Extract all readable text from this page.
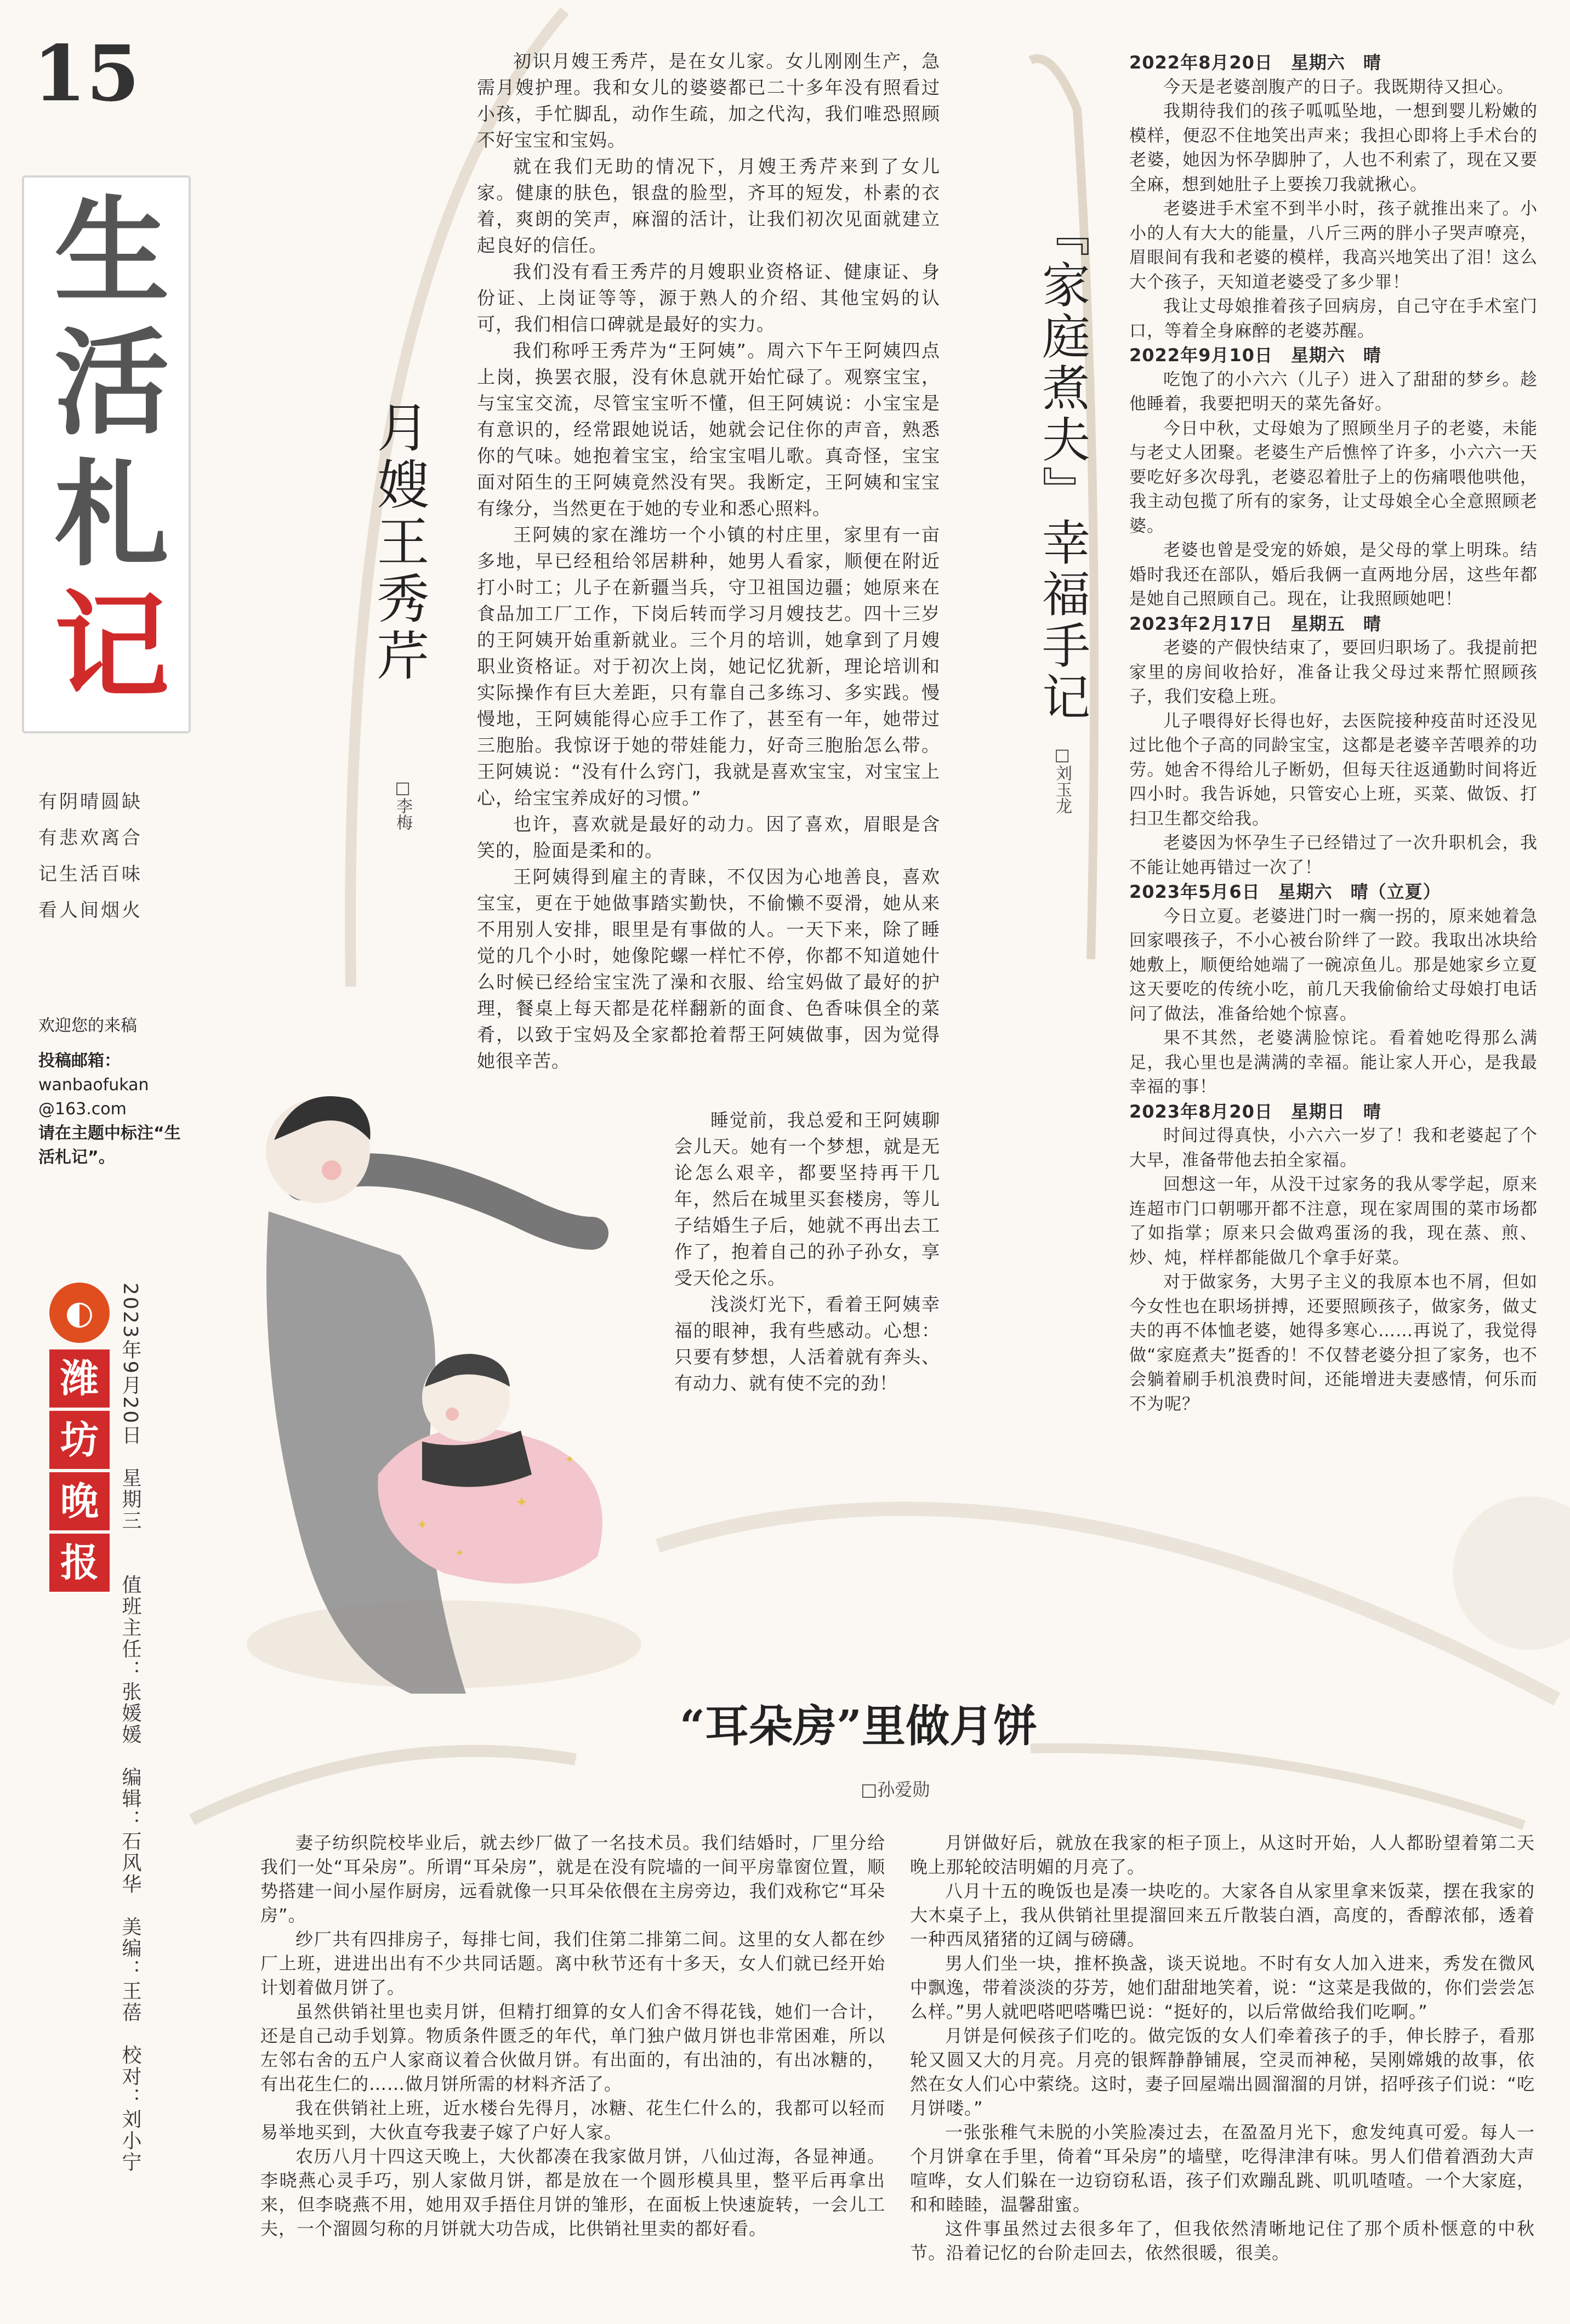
15
生
活
札
记
有阴晴圆缺
有悲欢离合
记生活百味
看人间烟火
欢迎您的来稿
投稿邮箱：
wanbaofukan
@163.com
请在主题中标注“生活札记”。
◐
潍
坊
晚
报	2023年9月20日　星期三　　值班主任：张媛媛　编辑：石风华　美编：王蓓　校对：刘小宁
月嫂王秀芹
□李梅

初识月嫂王秀芹，是在女儿家。女儿刚刚生产，急需月嫂护理。我和女儿的婆婆都已二十多年没有照看过小孩，手忙脚乱，动作生疏，加之代沟，我们唯恐照顾不好宝宝和宝妈。

就在我们无助的情况下，月嫂王秀芹来到了女儿家。健康的肤色，银盘的脸型，齐耳的短发，朴素的衣着，爽朗的笑声，麻溜的活计，让我们初次见面就建立起良好的信任。

我们没有看王秀芹的月嫂职业资格证、健康证、身份证、上岗证等等，源于熟人的介绍、其他宝妈的认可，我们相信口碑就是最好的实力。

我们称呼王秀芹为“王阿姨”。周六下午王阿姨四点上岗，换罢衣服，没有休息就开始忙碌了。观察宝宝，与宝宝交流，尽管宝宝听不懂，但王阿姨说：小宝宝是有意识的，经常跟她说话，她就会记住你的声音，熟悉你的气味。她抱着宝宝，给宝宝唱儿歌。真奇怪，宝宝面对陌生的王阿姨竟然没有哭。我断定，王阿姨和宝宝有缘分，当然更在于她的专业和悉心照料。

王阿姨的家在潍坊一个小镇的村庄里，家里有一亩多地，早已经租给邻居耕种，她男人看家，顺便在附近打小时工；儿子在新疆当兵，守卫祖国边疆；她原来在食品加工厂工作，下岗后转而学习月嫂技艺。四十三岁的王阿姨开始重新就业。三个月的培训，她拿到了月嫂职业资格证。对于初次上岗，她记忆犹新，理论培训和实际操作有巨大差距，只有靠自己多练习、多实践。慢慢地，王阿姨能得心应手工作了，甚至有一年，她带过三胞胎。我惊讶于她的带娃能力，好奇三胞胎怎么带。王阿姨说：“没有什么窍门，我就是喜欢宝宝，对宝宝上心，给宝宝养成好的习惯。”

也许，喜欢就是最好的动力。因了喜欢，眉眼是含笑的，脸面是柔和的。

王阿姨得到雇主的青睐，不仅因为心地善良，喜欢宝宝，更在于她做事踏实勤快，不偷懒不耍滑，她从来不用别人安排，眼里是有事做的人。一天下来，除了睡觉的几个小时，她像陀螺一样忙不停，你都不知道她什么时候已经给宝宝洗了澡和衣服、给宝妈做了最好的护理，餐桌上每天都是花样翻新的面食、色香味俱全的菜肴，以致于宝妈及全家都抢着帮王阿姨做事，因为觉得她很辛苦。

睡觉前，我总爱和王阿姨聊会儿天。她有一个梦想，就是无论怎么艰辛，都要坚持再干几年，然后在城里买套楼房，等儿子结婚生子后，她就不再出去工作了，抱着自己的孙子孙女，享受天伦之乐。

浅淡灯光下，看着王阿姨幸福的眼神，我有些感动。心想：只要有梦想，人活着就有奔头、有动力、就有使不完的劲！

✦
✦
✦
✦
『家庭煮夫』幸福手记
□刘玉龙

2022年8月20日　星期六　晴

今天是老婆剖腹产的日子。我既期待又担心。

我期待我们的孩子呱呱坠地，一想到婴儿粉嫩的模样，便忍不住地笑出声来；我担心即将上手术台的老婆，她因为怀孕脚肿了，人也不利索了，现在又要全麻，想到她肚子上要挨刀我就揪心。

老婆进手术室不到半小时，孩子就推出来了。小小的人有大大的能量，八斤三两的胖小子哭声嘹亮，眉眼间有我和老婆的模样，我高兴地笑出了泪！这么大个孩子，天知道老婆受了多少罪！

我让丈母娘推着孩子回病房，自己守在手术室门口，等着全身麻醉的老婆苏醒。

2022年9月10日　星期六　晴

吃饱了的小六六（儿子）进入了甜甜的梦乡。趁他睡着，我要把明天的菜先备好。

今日中秋，丈母娘为了照顾坐月子的老婆，未能与老丈人团聚。老婆生产后憔悴了许多，小六六一天要吃好多次母乳，老婆忍着肚子上的伤痛喂他哄他，我主动包揽了所有的家务，让丈母娘全心全意照顾老婆。

老婆也曾是受宠的娇娘，是父母的掌上明珠。结婚时我还在部队，婚后我俩一直两地分居，这些年都是她自己照顾自己。现在，让我照顾她吧！

2023年2月17日　星期五　晴

老婆的产假快结束了，要回归职场了。我提前把家里的房间收拾好，准备让我父母过来帮忙照顾孩子，我们安稳上班。

儿子喂得好长得也好，去医院接种疫苗时还没见过比他个子高的同龄宝宝，这都是老婆辛苦喂养的功劳。她舍不得给儿子断奶，但每天往返通勤时间将近四小时。我告诉她，只管安心上班，买菜、做饭、打扫卫生都交给我。

老婆因为怀孕生子已经错过了一次升职机会，我不能让她再错过一次了！

2023年5月6日　星期六　晴（立夏）

今日立夏。老婆进门时一瘸一拐的，原来她着急回家喂孩子，不小心被台阶绊了一跤。我取出冰块给她敷上，顺便给她端了一碗凉鱼儿。那是她家乡立夏这天要吃的传统小吃，前几天我偷偷给丈母娘打电话问了做法，准备给她个惊喜。

果不其然，老婆满脸惊诧。看着她吃得那么满足，我心里也是满满的幸福。能让家人开心，是我最幸福的事！

2023年8月20日　星期日　晴

时间过得真快，小六六一岁了！我和老婆起了个大早，准备带他去拍全家福。

回想这一年，从没干过家务的我从零学起，原来连超市门口朝哪开都不注意，现在家周围的菜市场都了如指掌；原来只会做鸡蛋汤的我，现在蒸、煎、炒、炖，样样都能做几个拿手好菜。

对于做家务，大男子主义的我原本也不屑，但如今女性也在职场拼搏，还要照顾孩子，做家务，做丈夫的再不体恤老婆，她得多寒心……再说了，我觉得做“家庭煮夫”挺香的！不仅替老婆分担了家务，也不会躺着刷手机浪费时间，还能增进夫妻感情，何乐而不为呢？

“耳朵房”里做月饼
□孙爱勋

妻子纺织院校毕业后，就去纱厂做了一名技术员。我们结婚时，厂里分给我们一处“耳朵房”。所谓“耳朵房”，就是在没有院墙的一间平房靠窗位置，顺势搭建一间小屋作厨房，远看就像一只耳朵依偎在主房旁边，我们戏称它“耳朵房”。

纱厂共有四排房子，每排七间，我们住第二排第二间。这里的女人都在纱厂上班，进进出出有不少共同话题。离中秋节还有十多天，女人们就已经开始计划着做月饼了。

虽然供销社里也卖月饼，但精打细算的女人们舍不得花钱，她们一合计，还是自己动手划算。物质条件匮乏的年代，单门独户做月饼也非常困难，所以左邻右舍的五户人家商议着合伙做月饼。有出面的，有出油的，有出冰糖的，有出花生仁的……做月饼所需的材料齐活了。

我在供销社上班，近水楼台先得月，冰糖、花生仁什么的，我都可以轻而易举地买到，大伙直夸我妻子嫁了户好人家。

农历八月十四这天晚上，大伙都凑在我家做月饼，八仙过海，各显神通。李晓燕心灵手巧，别人家做月饼，都是放在一个圆形模具里，整平后再拿出来，但李晓燕不用，她用双手捂住月饼的雏形，在面板上快速旋转，一会儿工夫，一个溜圆匀称的月饼就大功告成，比供销社里卖的都好看。

月饼做好后，就放在我家的柜子顶上，从这时开始，人人都盼望着第二天晚上那轮皎洁明媚的月亮了。

八月十五的晚饭也是凑一块吃的。大家各自从家里拿来饭菜，摆在我家的大木桌子上，我从供销社里提溜回来五斤散装白酒，高度的，香醇浓郁，透着一种西凤猪猪的辽阔与磅礴。

男人们坐一块，推杯换盏，谈天说地。不时有女人加入进来，秀发在微风中飘逸，带着淡淡的芬芳，她们甜甜地笑着，说：“这菜是我做的，你们尝尝怎么样。”男人就吧嗒吧嗒嘴巴说：“挺好的，以后常做给我们吃啊。”

月饼是何候孩子们吃的。做完饭的女人们牵着孩子的手，伸长脖子，看那轮又圆又大的月亮。月亮的银辉静静铺展，空灵而神秘，吴刚嫦娥的故事，依然在女人们心中萦绕。这时，妻子回屋端出圆溜溜的月饼，招呼孩子们说：“吃月饼喽。”

一张张稚气未脱的小笑脸凑过去，在盈盈月光下，愈发纯真可爱。每人一个月饼拿在手里，倚着“耳朵房”的墙壁，吃得津津有味。男人们借着酒劲大声喧哗，女人们躲在一边窃窃私语，孩子们欢蹦乱跳、叽叽喳喳。一个大家庭，和和睦睦，温馨甜蜜。

这件事虽然过去很多年了，但我依然清晰地记住了那个质朴惬意的中秋节。沿着记忆的台阶走回去，依然很暖，很美。
